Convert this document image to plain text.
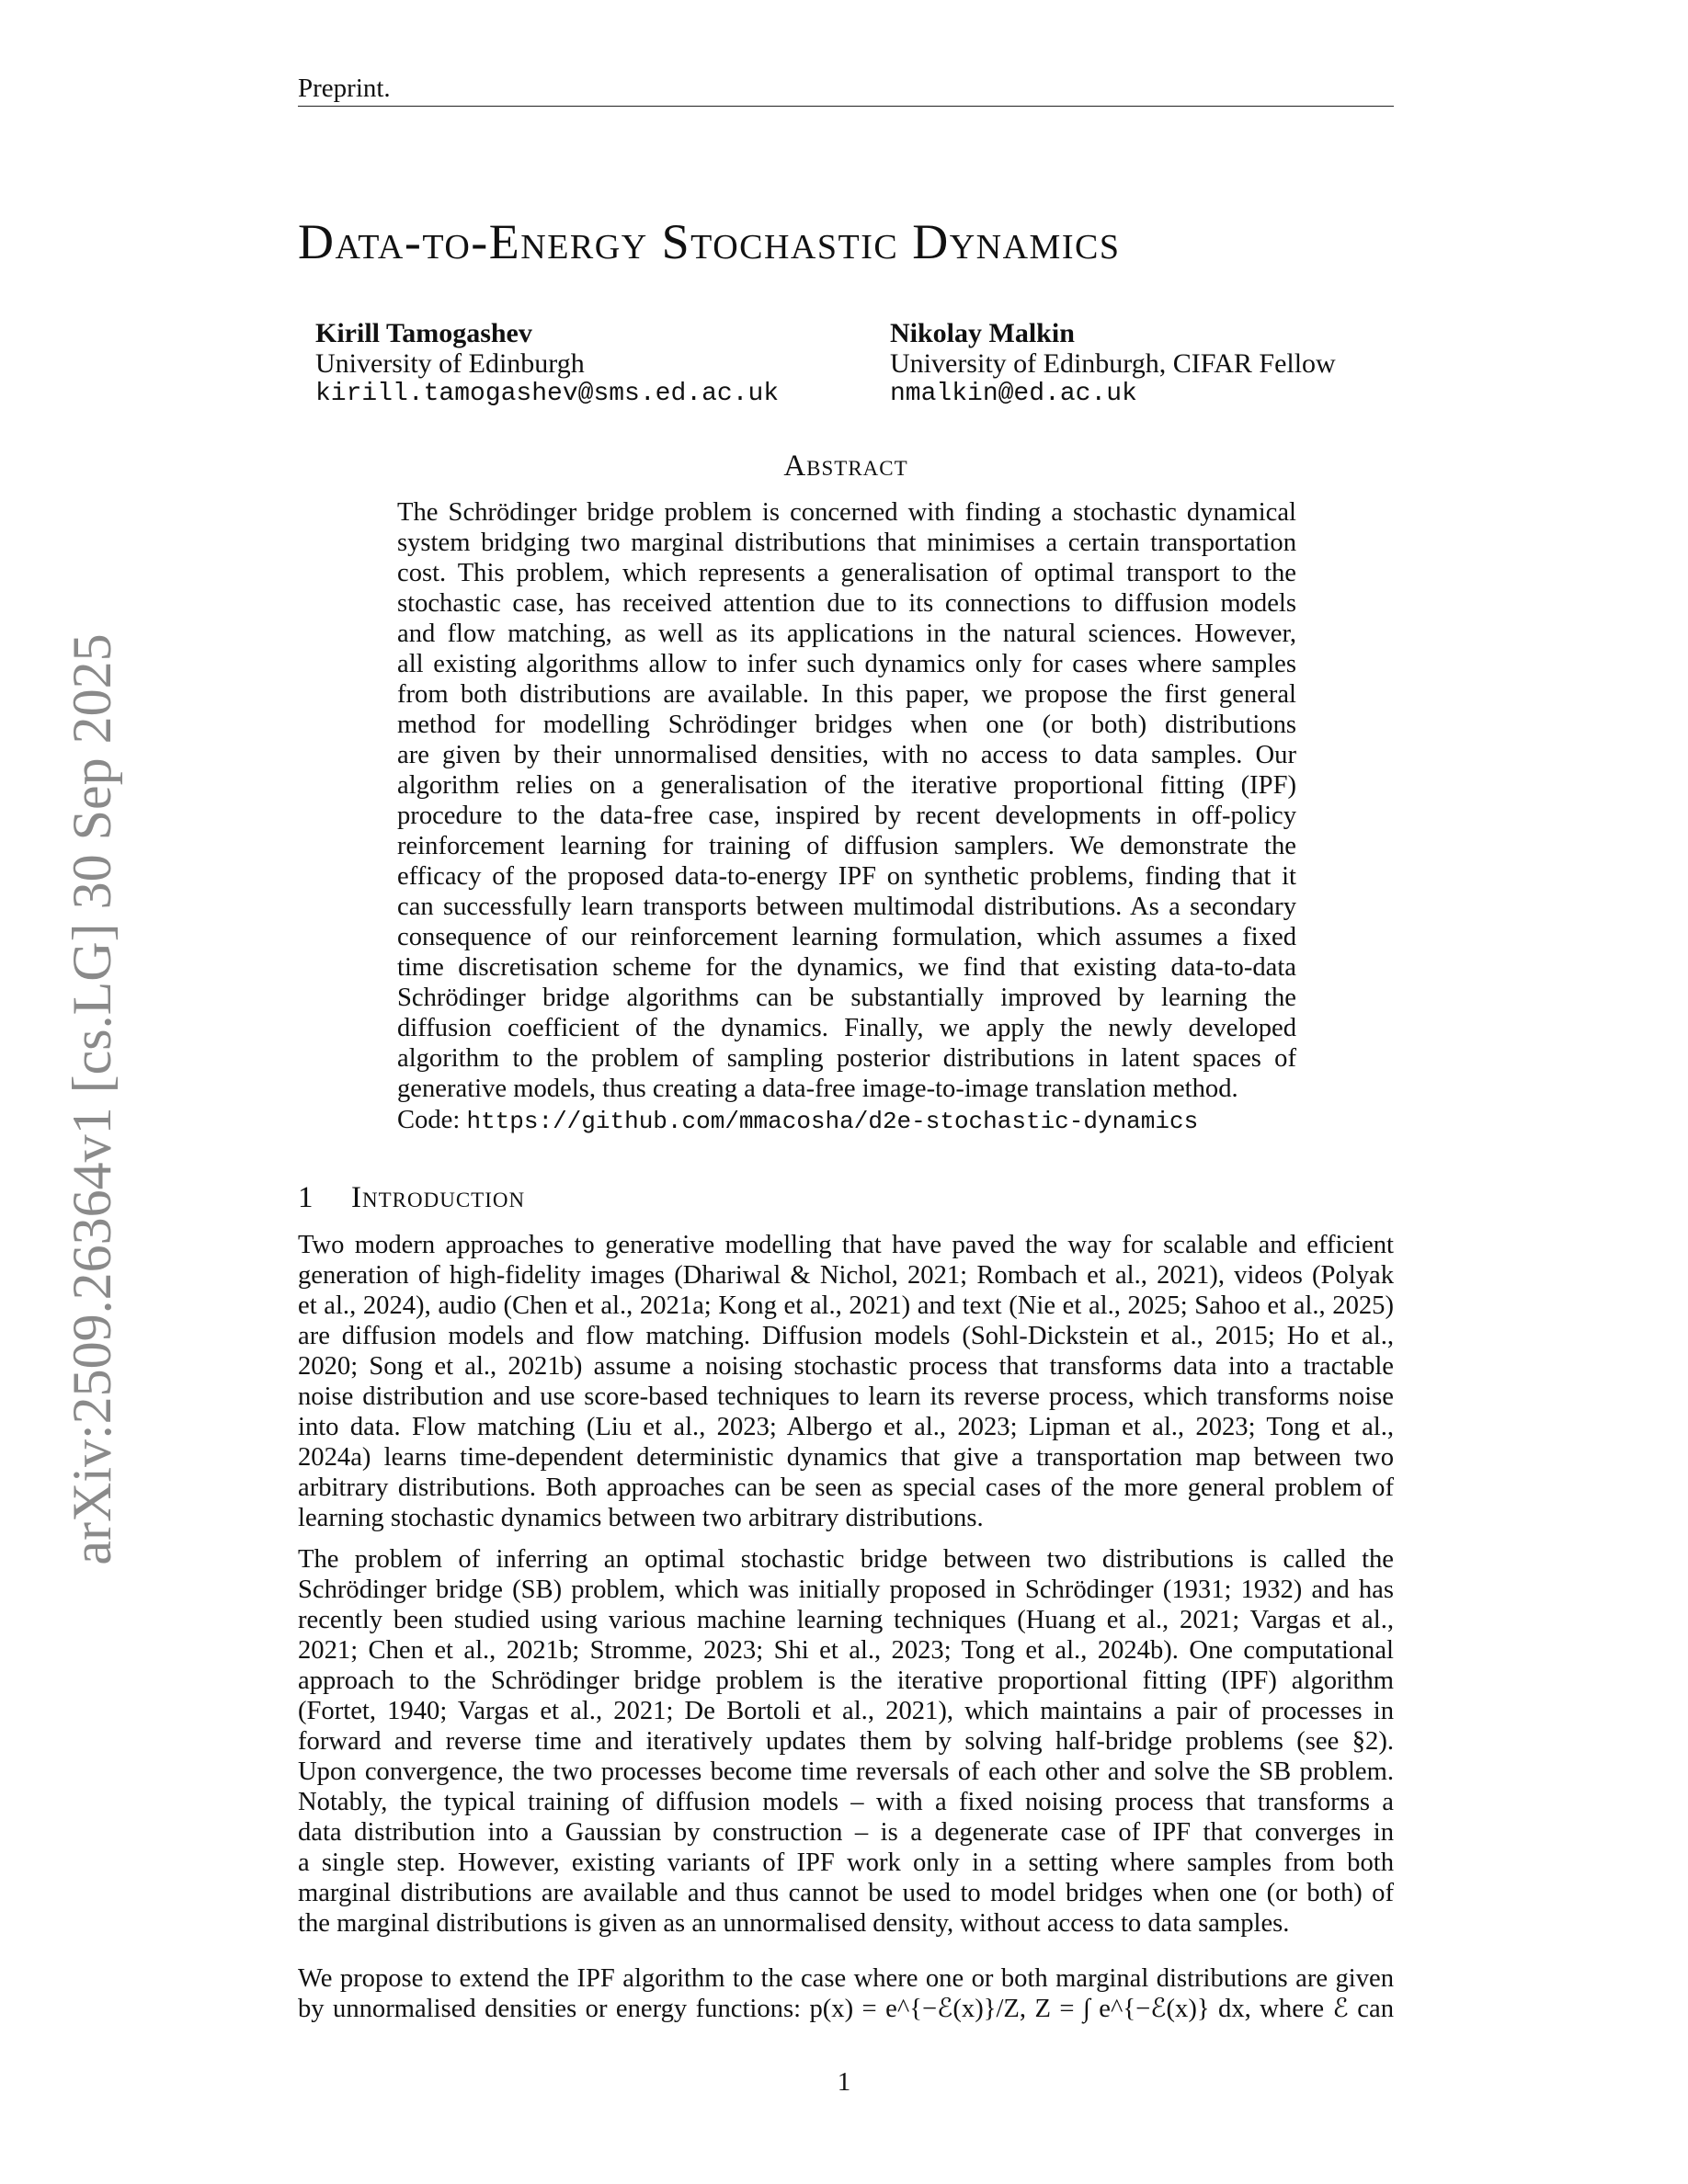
Preprint.
Data-to-Energy Stochastic Dynamics
Kirill Tamogashev
University of Edinburgh
kirill.tamogashev@sms.ed.ac.uk
Nikolay Malkin
University of Edinburgh, CIFAR Fellow
nmalkin@ed.ac.uk
Abstract
The Schrödinger bridge problem is concerned with finding a stochastic dynamical
system bridging two marginal distributions that minimises a certain transportation
cost. This problem, which represents a generalisation of optimal transport to the
stochastic case, has received attention due to its connections to diffusion models
and flow matching, as well as its applications in the natural sciences. However,
all existing algorithms allow to infer such dynamics only for cases where samples
from both distributions are available. In this paper, we propose the first general
method for modelling Schrödinger bridges when one (or both) distributions
are given by their unnormalised densities, with no access to data samples. Our
algorithm relies on a generalisation of the iterative proportional fitting (IPF)
procedure to the data-free case, inspired by recent developments in off-policy
reinforcement learning for training of diffusion samplers. We demonstrate the
efficacy of the proposed data-to-energy IPF on synthetic problems, finding that it
can successfully learn transports between multimodal distributions. As a secondary
consequence of our reinforcement learning formulation, which assumes a fixed
time discretisation scheme for the dynamics, we find that existing data-to-data
Schrödinger bridge algorithms can be substantially improved by learning the
diffusion coefficient of the dynamics. Finally, we apply the newly developed
algorithm to the problem of sampling posterior distributions in latent spaces of
generative models, thus creating a data-free image-to-image translation method.
Code: https://github.com/mmacosha/d2e-stochastic-dynamics
1 Introduction
Two modern approaches to generative modelling that have paved the way for scalable and efficient
generation of high-fidelity images (Dhariwal & Nichol, 2021; Rombach et al., 2021), videos (Polyak
et al., 2024), audio (Chen et al., 2021a; Kong et al., 2021) and text (Nie et al., 2025; Sahoo et al., 2025)
are diffusion models and flow matching. Diffusion models (Sohl-Dickstein et al., 2015; Ho et al.,
2020; Song et al., 2021b) assume a noising stochastic process that transforms data into a tractable
noise distribution and use score-based techniques to learn its reverse process, which transforms noise
into data. Flow matching (Liu et al., 2023; Albergo et al., 2023; Lipman et al., 2023; Tong et al.,
2024a) learns time-dependent deterministic dynamics that give a transportation map between two
arbitrary distributions. Both approaches can be seen as special cases of the more general problem of
learning stochastic dynamics between two arbitrary distributions.
The problem of inferring an optimal stochastic bridge between two distributions is called the
Schrödinger bridge (SB) problem, which was initially proposed in Schrödinger (1931; 1932) and has
recently been studied using various machine learning techniques (Huang et al., 2021; Vargas et al.,
2021; Chen et al., 2021b; Stromme, 2023; Shi et al., 2023; Tong et al., 2024b). One computational
approach to the Schrödinger bridge problem is the iterative proportional fitting (IPF) algorithm
(Fortet, 1940; Vargas et al., 2021; De Bortoli et al., 2021), which maintains a pair of processes in
forward and reverse time and iteratively updates them by solving half-bridge problems (see §2).
Upon convergence, the two processes become time reversals of each other and solve the SB problem.
Notably, the typical training of diffusion models – with a fixed noising process that transforms a
data distribution into a Gaussian by construction – is a degenerate case of IPF that converges in
a single step. However, existing variants of IPF work only in a setting where samples from both
marginal distributions are available and thus cannot be used to model bridges when one (or both) of
the marginal distributions is given as an unnormalised density, without access to data samples.
We propose to extend the IPF algorithm to the case where one or both marginal distributions are given
by unnormalised densities or energy functions: p(x) = e^{−ℰ(x)}/Z, Z = ∫ e^{−ℰ(x)} dx, where ℰ can
1
arXiv:2509.26364v1 [cs.LG] 30 Sep 2025
